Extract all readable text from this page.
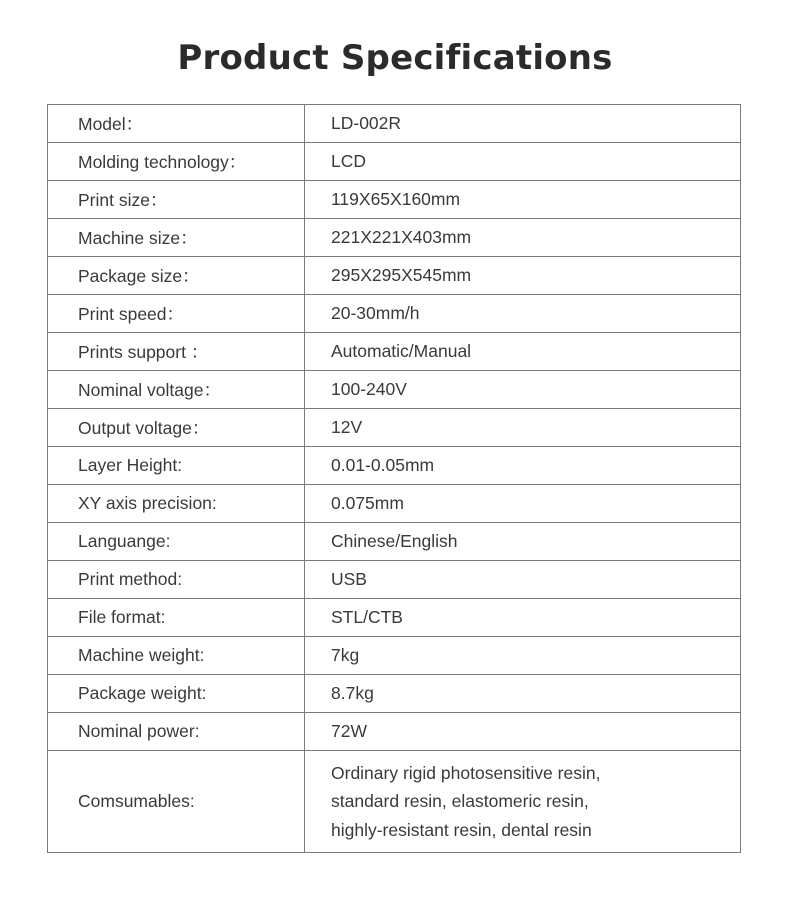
Product Specifications
Model：	LD-002R
Molding technology：	LCD
Print size：	119X65X160mm
Machine size：	221X221X403mm
Package size：	295X295X545mm
Print speed：	20-30mm/h
Prints support ：	Automatic/Manual
Nominal voltage：	100-240V
Output voltage：	12V
Layer Height:	0.01-0.05mm
XY axis precision:	0.075mm
Languange:	Chinese/English
Print method:	USB
File format:	STL/CTB
Machine weight:	7kg
Package weight:	8.7kg
Nominal power:	72W
Comsumables:	Ordinary rigid photosensitive resin,
standard resin, elastomeric resin,
highly-resistant resin, dental resin
